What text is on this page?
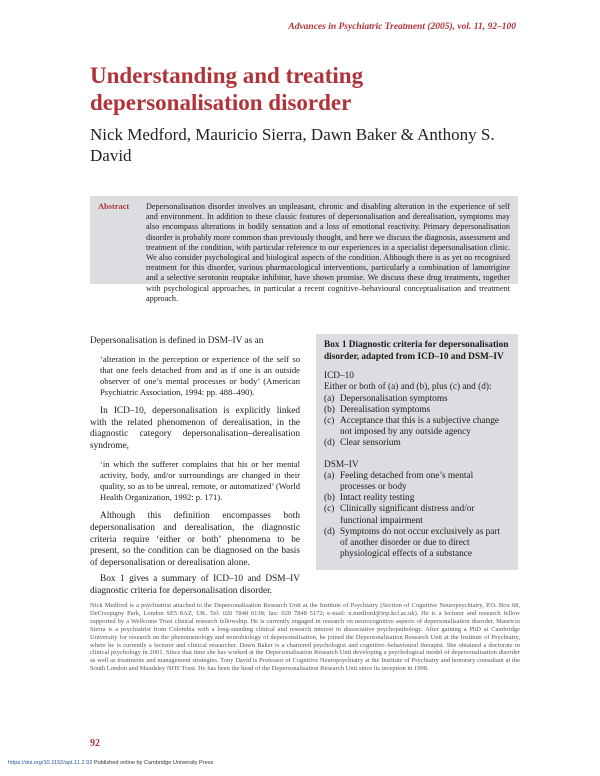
Advances in Psychiatric Treatment (2005), vol. 11, 92–100
Understanding and treating depersonalisation disorder

Nick Medford, Mauricio Sierra, Dawn Baker & Anthony S. David

Abstract Depersonalisation disorder involves an unpleasant, chronic and disabling alteration in the experience of self and environment. In addition to these classic features of depersonalisation and derealisation, symptoms may also encompass alterations in bodily sensation and a loss of emotional reactivity. Primary depersonalisation disorder is probably more common than previously thought, and here we discuss the diagnosis, assessment and treatment of the condition, with particular reference to our experiences in a specialist depersonalisation clinic. We also consider psychological and biological aspects of the condition. Although there is as yet no recognised treatment for this disorder, various pharmacological interventions, particularly a combination of lamotrigine and a selective serotonin reuptake inhibitor, have shown promise. We discuss these drug treatments, together with psychological approaches, in particular a recent cognitive–behavioural conceptualisation and treatment approach.

Depersonalisation is defined in DSM–IV as an

‘alteration in the perception or experience of the self so that one feels detached from and as if one is an outside observer of one’s mental processes or body’ (American Psychiatric Association, 1994: pp. 488–490).

In ICD–10, depersonalisation is explicitly linked with the related phenomenon of derealisation, in the diagnostic category depersonalisation–derealisation syndrome,

‘in which the sufferer complains that his or her mental activity, body, and/or surroundings are changed in their quality, so as to be unreal, remote, or automatized’ (World Health Organization, 1992: p. 171).

Although this definition encompasses both depersonalisation and derealisation, the diagnostic criteria require ‘either or both’ phenomena to be present, so the condition can be diagnosed on the basis of depersonalisation or derealisation alone.

Box 1 gives a summary of ICD–10 and DSM–IV diagnostic criteria for depersonalisation disorder.

Box 1 Diagnostic criteria for depersonalisation disorder, adapted from ICD–10 and DSM–IV

ICD–10

Either or both of (a) and (b), plus (c) and (d):

(a) Depersonalisation symptoms
(b) Derealisation symptoms
(c) Acceptance that this is a subjective change not imposed by any outside agency
(d) Clear sensorium

DSM–IV

(a) Feeling detached from one’s mental processes or body
(b) Intact reality testing
(c) Clinically significant distress and/or functional impairment
(d) Symptoms do not occur exclusively as part of another disorder or due to direct physiological effects of a substance

Nick Medford is a psychiatrist attached to the Depersonalisation Research Unit at the Institute of Psychiatry (Section of Cognitive Neuropsychiatry, P.O. Box 68, DeCrespigny Park, London SE5 8AZ, UK. Tel: 020 7848 0138; fax: 020 7848 5172; e-mail: n.medford@iop.kcl.ac.uk). He is a lecturer and research fellow supported by a Wellcome Trust clinical research fellowship. He is currently engaged in research on neurocognitive aspects of depersonalisation disorder. Mauricio Sierra is a psychiatrist from Colombia with a long-standing clinical and research interest in dissociative psychopathology. After gaining a PhD at Cambridge University for research on the phenomenology and neurobiology of depersonalisation, he joined the Depersonalisation Research Unit at the Institute of Psychiatry, where he is currently a lecturer and clinical researcher. Dawn Baker is a chartered psychologist and cognitive–behavioural therapist. She obtained a doctorate in clinical psychology in 2001. Since that time she has worked at the Depersonalisation Research Unit developing a psychological model of depersonalisation disorder as well as treatments and management strategies. Tony David is Professor of Cognitive Neuropsychiatry at the Institute of Psychiatry and honorary consultant at the South London and Maudsley NHS Trust. He has been the head of the Depersonalisation Research Unit since its inception in 1998.

92
https://doi.org/10.1192/apt.11.2.92 Published online by Cambridge University Press
